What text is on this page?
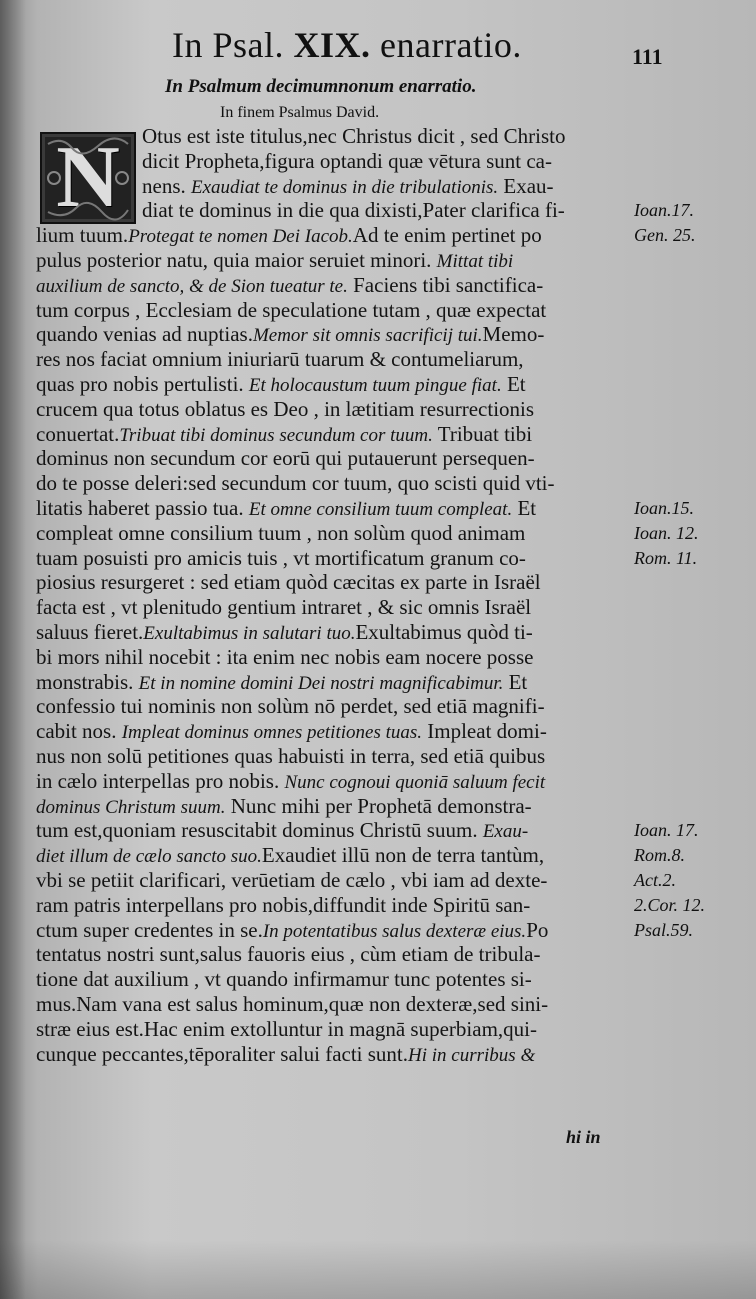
In Psal. XIX. enarratio.	111
In Psalmum decimumnonum enarratio.
In finem Psalmus David.
N Otus est iste titulus,nec Christus dicit , sed Christo
dicit Propheta,figura optandi quæ vētura sunt ca-
nens. Exaudiat te dominus in die tribulationis. Exau-
diat te dominus in die qua dixisti,Pater clarifica fi-
lium tuum.Protegat te nomen Dei Iacob.Ad te enim pertinet po
pulus posterior natu, quia maior seruiet minori. Mittat tibi
auxilium de sancto, & de Sion tueatur te. Faciens tibi sanctifica-
tum corpus , Ecclesiam de speculatione tutam , quæ expectat
quando venias ad nuptias.Memor sit omnis sacrificij tui.Memo-
res nos faciat omnium iniuriarū tuarum & contumeliarum,
quas pro nobis pertulisti. Et holocaustum tuum pingue fiat. Et
crucem qua totus oblatus es Deo , in lætitiam resurrectionis
conuertat.Tribuat tibi dominus secundum cor tuum. Tribuat tibi
dominus non secundum cor eorū qui putauerunt persequen-
do te posse deleri:sed secundum cor tuum, quo scisti quid vti-
litatis haberet passio tua. Et omne consilium tuum compleat. Et
compleat omne consilium tuum , non solùm quod animam
tuam posuisti pro amicis tuis , vt mortificatum granum co-
piosius resurgeret : sed etiam quòd cæcitas ex parte in Israël
facta est , vt plenitudo gentium intraret , & sic omnis Israël
saluus fieret.Exultabimus in salutari tuo.Exultabimus quòd ti-
bi mors nihil nocebit : ita enim nec nobis eam nocere posse
monstrabis. Et in nomine domini Dei nostri magnificabimur. Et
confessio tui nominis non solùm nō perdet, sed etiā magnifi-
cabit nos. Impleat dominus omnes petitiones tuas. Impleat domi-
nus non solū petitiones quas habuisti in terra, sed etiā quibus
in cælo interpellas pro nobis. Nunc cognoui quoniā saluum fecit
dominus Christum suum. Nunc mihi per Prophetā demonstra-
tum est,quoniam resuscitabit dominus Christū suum. Exau-
diet illum de cælo sancto suo.Exaudiet illū non de terra tantùm,
vbi se petiit clarificari, verūetiam de cælo , vbi iam ad dexte-
ram patris interpellans pro nobis,diffundit inde Spiritū san-
ctum super credentes in se.In potentatibus salus dexteræ eius.Po
tentatus nostri sunt,salus fauoris eius , cùm etiam de tribula-
tione dat auxilium , vt quando infirmamur tunc potentes si-
mus.Nam vana est salus hominum,quæ non dexteræ,sed sini-
stræ eius est.Hac enim extolluntur in magnā superbiam,qui-
cunque peccantes,tēporaliter salui facti sunt.Hi in curribus &
Ioan.17.
Gen. 25.
Ioan.15.
Ioan. 12.
Rom. 11.
Ioan. 17.
Rom.8.
Act.2.
2.Cor. 12.
Psal.59.
hi in
